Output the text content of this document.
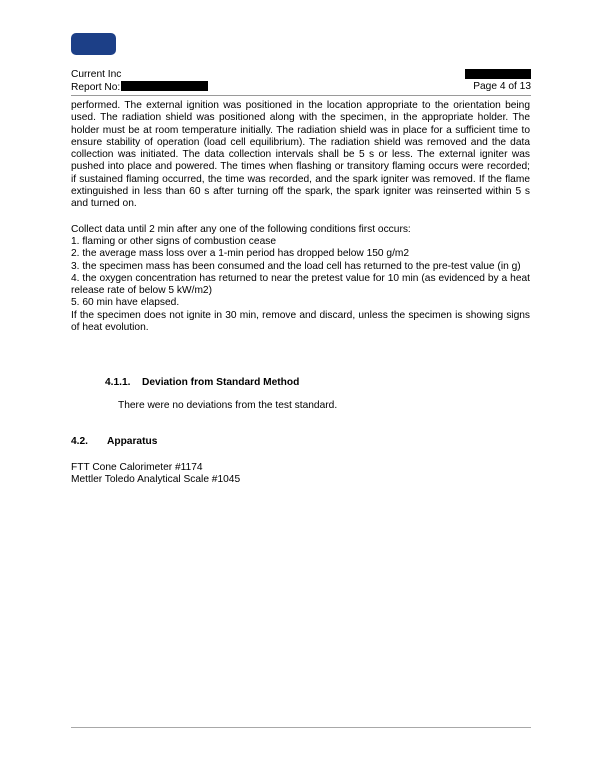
Current Inc
Report No:	Page 4 of 13

performed. The external ignition was positioned in the location appropriate to the orientation being used. The radiation shield was positioned along with the specimen, in the appropriate holder. The holder must be at room temperature initially. The radiation shield was in place for a sufficient time to ensure stability of operation (load cell equilibrium). The radiation shield was removed and the data collection was initiated. The data collection intervals shall be 5 s or less. The external igniter was pushed into place and powered. The times when flashing or transitory flaming occurs were recorded; if sustained flaming occurred, the time was recorded, and the spark igniter was removed. If the flame extinguished in less than 60 s after turning off the spark, the spark igniter was reinserted within 5 s and turned on.

Collect data until 2 min after any one of the following conditions first occurs:

1. flaming or other signs of combustion cease

2. the average mass loss over a 1-min period has dropped below 150 g/m2

3. the specimen mass has been consumed and the load cell has returned to the pre-test value (in g)

4. the oxygen concentration has returned to near the pretest value for 10 min (as evidenced by a heat release rate of below 5 kW/m2)

5. 60 min have elapsed.

If the specimen does not ignite in 30 min, remove and discard, unless the specimen is showing signs of heat evolution.

4.1.1. Deviation from Standard Method
There were no deviations from the test standard.
4.2. Apparatus
FTT Cone Calorimeter #1174
Mettler Toledo Analytical Scale #1045
